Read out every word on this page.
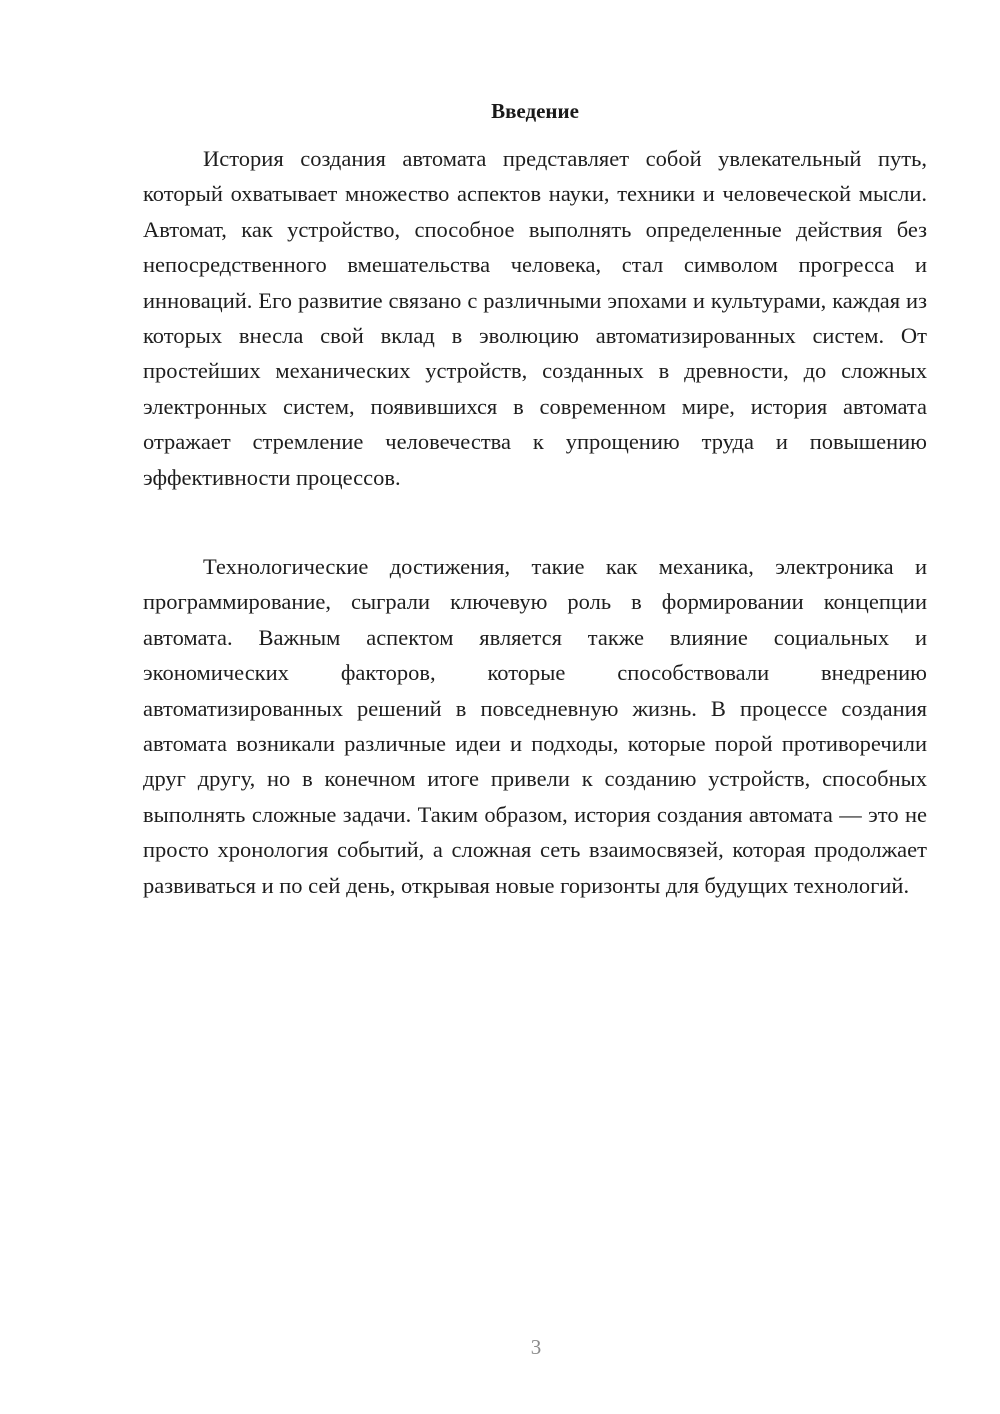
Введение

История создания автомата представляет собой увлекательный путь, который охватывает множество аспектов науки, техники и человеческой мысли. Автомат, как устройство, способное выполнять определенные действия без непосредственного вмешательства человека, стал символом прогресса и инноваций. Его развитие связано с различными эпохами и культурами, каждая из которых внесла свой вклад в эволюцию автоматизированных систем. От простейших механических устройств, созданных в древности, до сложных электронных систем, появившихся в современном мире, история автомата отражает стремление человечества к упрощению труда и повышению эффективности процессов.

Технологические достижения, такие как механика, электроника и программирование, сыграли ключевую роль в формировании концепции автомата. Важным аспектом является также влияние социальных и экономических факторов, которые способствовали внедрению автоматизированных решений в повседневную жизнь. В процессе создания автомата возникали различные идеи и подходы, которые порой противоречили друг другу, но в конечном итоге привели к созданию устройств, способных выполнять сложные задачи. Таким образом, история создания автомата — это не просто хронология событий, а сложная сеть взаимосвязей, которая продолжает развиваться и по сей день, открывая новые горизонты для будущих технологий.

3
